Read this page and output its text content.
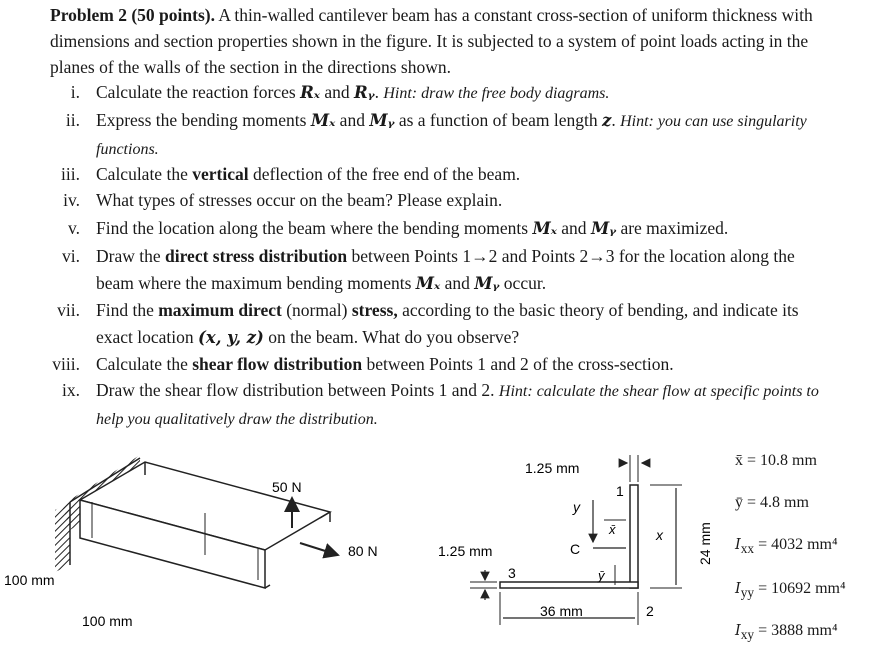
Problem 2 (50 points). A thin-walled cantilever beam has a constant cross-section of uniform thickness with dimensions and section properties shown in the figure. It is subjected to a system of point loads acting in the planes of the walls of the section in the directions shown.
i. Calculate the reaction forces Rₓ and Rᵧ. Hint: draw the free body diagrams.
ii. Express the bending moments Mₓ and Mᵧ as a function of beam length z. Hint: you can use singularity functions.
iii. Calculate the vertical deflection of the free end of the beam.
iv. What types of stresses occur on the beam? Please explain.
v. Find the location along the beam where the bending moments Mₓ and Mᵧ are maximized.
vi. Draw the direct stress distribution between Points 1→2 and Points 2→3 for the location along the beam where the maximum bending moments Mₓ and Mᵧ occur.
vii. Find the maximum direct (normal) stress, according to the basic theory of bending, and indicate its exact location (x, y, z) on the beam. What do you observe?
viii. Calculate the shear flow distribution between Points 1 and 2 of the cross-section.
ix. Draw the shear flow distribution between Points 1 and 2. Hint: calculate the shear flow at specific points to help you qualitatively draw the distribution.
50 N
80 N
100 mm
100 mm
1.25 mm
1.25 mm
36 mm
24 mm
1
2
3
y
x
C
x̄
ȳ
x̄ = 10.8 mm
ȳ = 4.8 mm
$I_{xx} = 4032$ mm⁴
$I_{yy} = 10692$ mm⁴
$I_{xy} = 3888$ mm⁴
